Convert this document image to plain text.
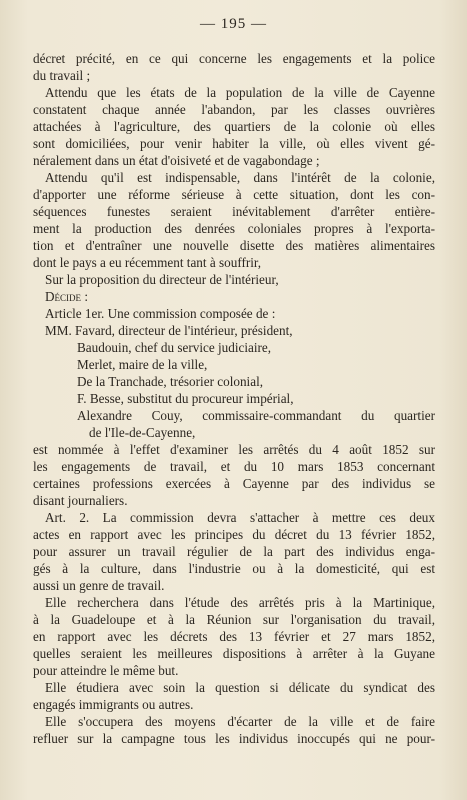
— 195 —
décret précité, en ce qui concerne les engagements et la police
du travail ;
Attendu que les états de la population de la ville de Cayenne
constatent chaque année l'abandon, par les classes ouvrières
attachées à l'agriculture, des quartiers de la colonie où elles
sont domiciliées, pour venir habiter la ville, où elles vivent gé-
néralement dans un état d'oisiveté et de vagabondage ;
Attendu qu'il est indispensable, dans l'intérêt de la colonie,
d'apporter une réforme sérieuse à cette situation, dont les con-
séquences funestes seraient inévitablement d'arrêter entière-
ment la production des denrées coloniales propres à l'exporta-
tion et d'entraîner une nouvelle disette des matières alimentaires
dont le pays a eu récemment tant à souffrir,
Sur la proposition du directeur de l'intérieur,
Décide :
Article 1er. Une commission composée de :
MM. Favard, directeur de l'intérieur, président,
Baudouin, chef du service judiciaire,
Merlet, maire de la ville,
De la Tranchade, trésorier colonial,
F. Besse, substitut du procureur impérial,
Alexandre Couy, commissaire-commandant du quartier
de l'Ile-de-Cayenne,
est nommée à l'effet d'examiner les arrêtés du 4 août 1852 sur
les engagements de travail, et du 10 mars 1853 concernant
certaines professions exercées à Cayenne par des individus se
disant journaliers.
Art. 2. La commission devra s'attacher à mettre ces deux
actes en rapport avec les principes du décret du 13 février 1852,
pour assurer un travail régulier de la part des individus enga-
gés à la culture, dans l'industrie ou à la domesticité, qui est
aussi un genre de travail.
Elle recherchera dans l'étude des arrêtés pris à la Martinique,
à la Guadeloupe et à la Réunion sur l'organisation du travail,
en rapport avec les décrets des 13 février et 27 mars 1852,
quelles seraient les meilleures dispositions à arrêter à la Guyane
pour atteindre le même but.
Elle étudiera avec soin la question si délicate du syndicat des
engagés immigrants ou autres.
Elle s'occupera des moyens d'écarter de la ville et de faire
refluer sur la campagne tous les individus inoccupés qui ne pour-
